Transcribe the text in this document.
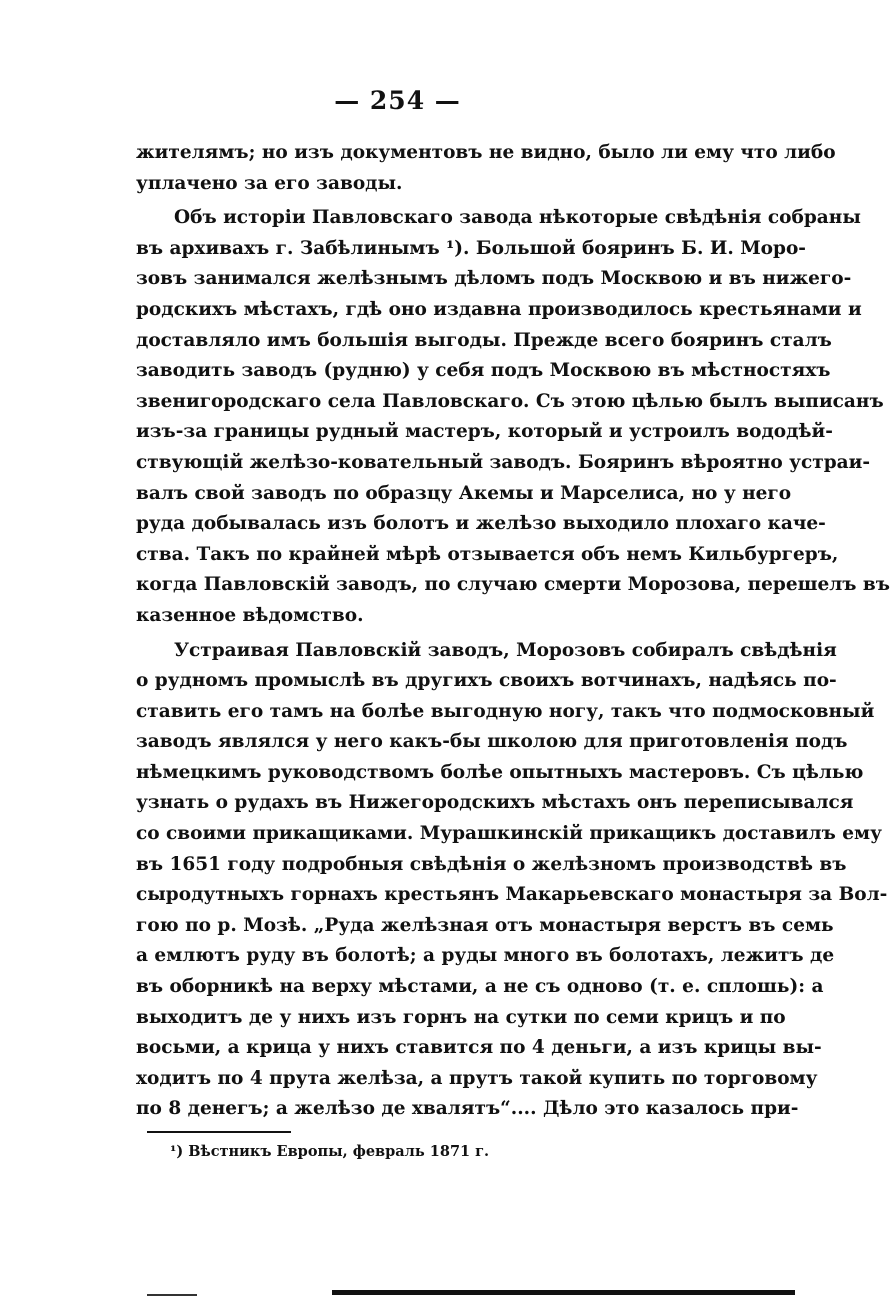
— 254 —
жителямъ; но изъ документовъ не видно, было ли ему что либо
уплачено за его заводы.
Объ исторіи Павловскаго завода нѣкоторые свѣдѣнія собраны
въ архивахъ г. Забѣлинымъ ¹). Большой бояринъ Б. И. Моро-
зовъ занимался желѣзнымъ дѣломъ подъ Москвою и въ нижего-
родскихъ мѣстахъ, гдѣ оно издавна производилось крестьянами и
доставляло имъ большія выгоды. Прежде всего бояринъ сталъ
заводить заводъ (рудню) у себя подъ Москвою въ мѣстностяхъ
звенигородскаго села Павловскаго. Съ этою цѣлью былъ выписанъ
изъ-за границы рудный мастеръ, который и устроилъ вододѣй-
ствующій желѣзо-ковательный заводъ. Бояринъ вѣроятно устраи-
валъ свой заводъ по образцу Акемы и Марселиса, но у него
руда добывалась изъ болотъ и желѣзо выходило плохаго каче-
ства. Такъ по крайней мѣрѣ отзывается объ немъ Кильбургеръ,
когда Павловскій заводъ, по случаю смерти Морозова, перешелъ въ
казенное вѣдомство.
Устраивая Павловскій заводъ, Морозовъ собиралъ свѣдѣнія
о рудномъ промыслѣ въ другихъ своихъ вотчинахъ, надѣясь по-
ставить его тамъ на болѣе выгодную ногу, такъ что подмосковный
заводъ являлся у него какъ-бы школою для приготовленія подъ
нѣмецкимъ руководствомъ болѣе опытныхъ мастеровъ. Съ цѣлью
узнать о рудахъ въ Нижегородскихъ мѣстахъ онъ переписывался
со своими прикащиками. Мурашкинскій прикащикъ доставилъ ему
въ 1651 году подробныя свѣдѣнія о желѣзномъ производствѣ въ
сыродутныхъ горнахъ крестьянъ Макарьевскаго монастыря за Вол-
гою по р. Мозѣ. „Руда желѣзная отъ монастыря верстъ въ семь
а емлютъ руду въ болотѣ; а руды много въ болотахъ, лежитъ де
въ оборникѣ на верху мѣстами, а не съ одново (т. е. сплошь): а
выходитъ де у нихъ изъ горнъ на сутки по семи крицъ и по
восьми, а крица у нихъ ставится по 4 деньги, а изъ крицы вы-
ходитъ по 4 прута желѣза, а прутъ такой купить по торговому
по 8 денегъ; а желѣзо де хвалятъ“.... Дѣло это казалось при-
¹) Вѣстникъ Европы, февраль 1871 г.
